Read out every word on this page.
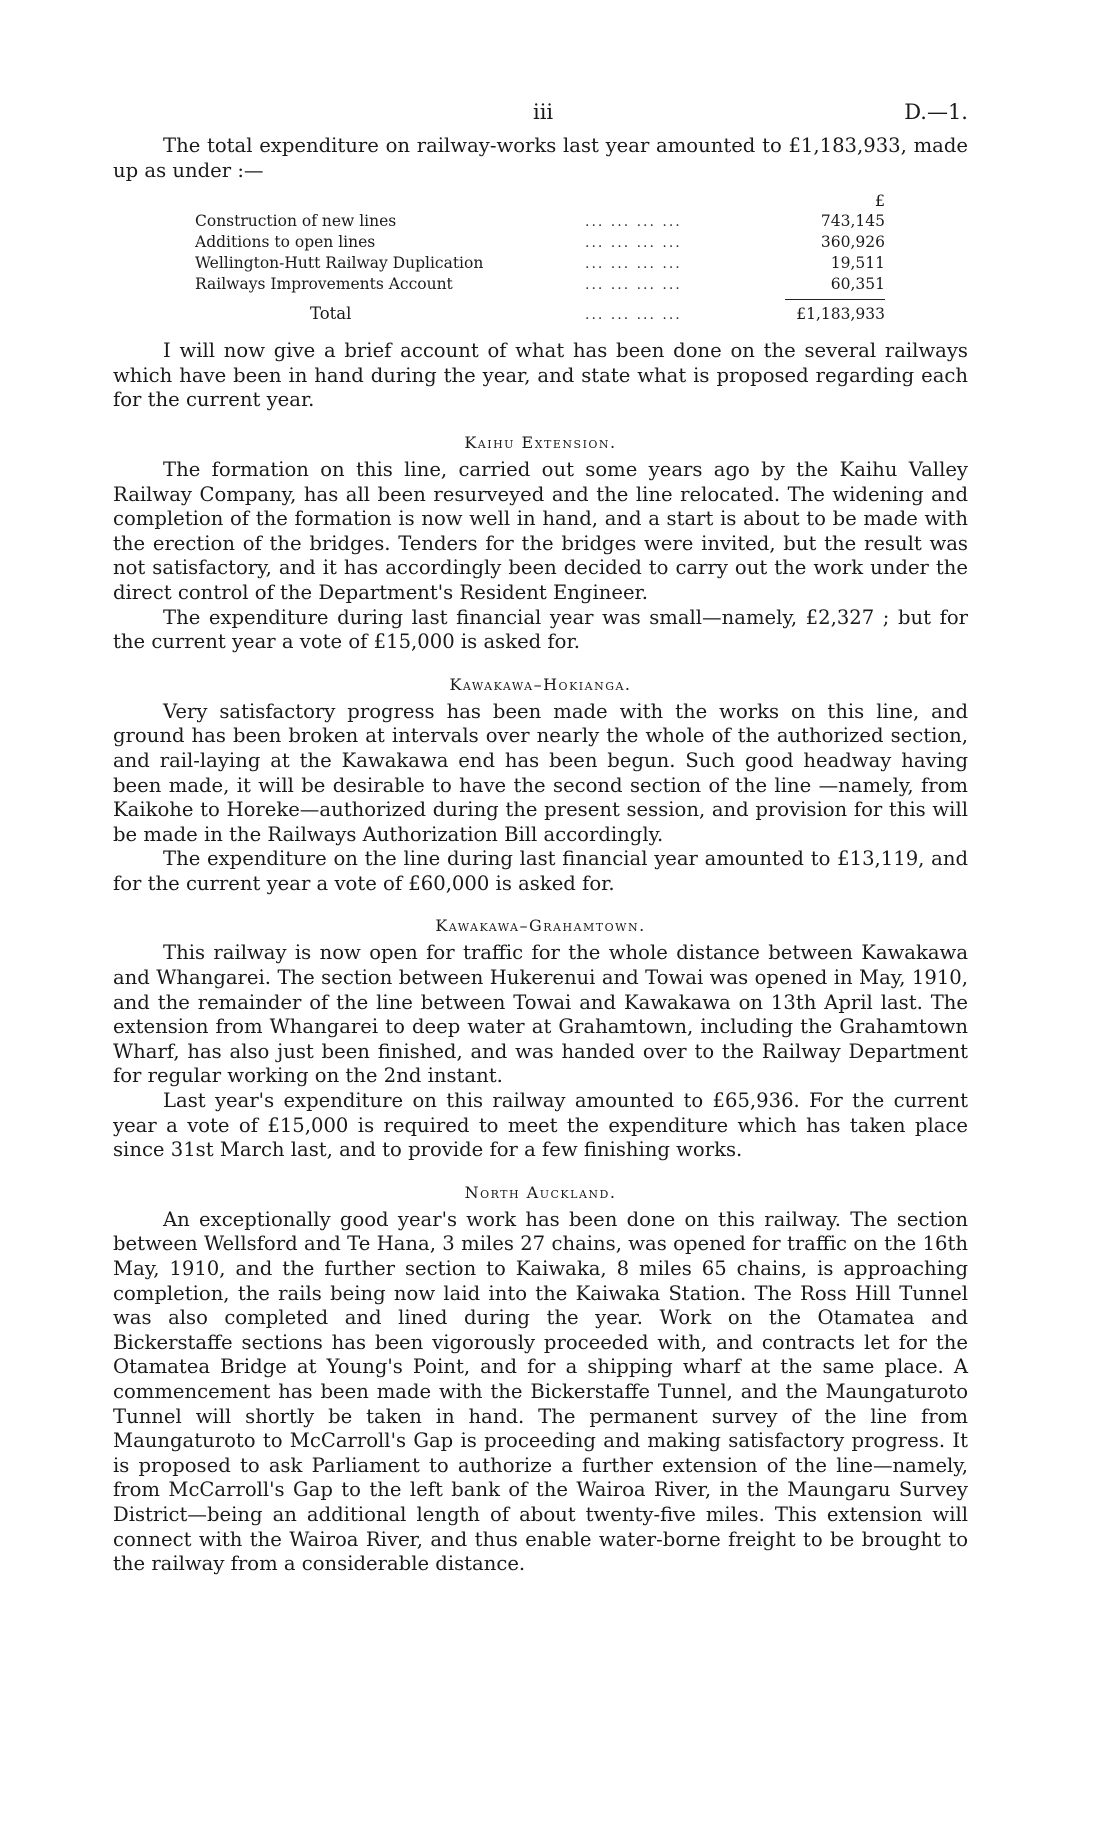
iii	D.—1.

The total expenditure on railway-works last year amounted to £1,183,933, made up as under :—

£
Construction of new lines	... ... ... ...	743,145
Additions to open lines	... ... ... ...	360,926
Wellington-Hutt Railway Duplication	... ... ... ...	19,511
Railways Improvements Account	... ... ... ...	60,351
Total	... ... ... ...	£1,183,933

I will now give a brief account of what has been done on the several railways which have been in hand during the year, and state what is proposed regarding each for the current year.

Kaihu Extension.

The formation on this line, carried out some years ago by the Kaihu Valley Railway Company, has all been resurveyed and the line relocated. The widening and completion of the formation is now well in hand, and a start is about to be made with the erection of the bridges. Tenders for the bridges were invited, but the result was not satisfactory, and it has accordingly been decided to carry out the work under the direct control of the Department's Resident Engineer.

The expenditure during last financial year was small—namely, £2,327 ; but for the current year a vote of £15,000 is asked for.

Kawakawa–Hokianga.

Very satisfactory progress has been made with the works on this line, and ground has been broken at intervals over nearly the whole of the authorized section, and rail-laying at the Kawakawa end has been begun. Such good headway having been made, it will be desirable to have the second section of the line —namely, from Kaikohe to Horeke—authorized during the present session, and provision for this will be made in the Railways Authorization Bill accordingly.

The expenditure on the line during last financial year amounted to £13,119, and for the current year a vote of £60,000 is asked for.

Kawakawa–Grahamtown.

This railway is now open for traffic for the whole distance between Kawakawa and Whangarei. The section between Hukerenui and Towai was opened in May, 1910, and the remainder of the line between Towai and Kawakawa on 13th April last. The extension from Whangarei to deep water at Grahamtown, including the Grahamtown Wharf, has also just been finished, and was handed over to the Railway Department for regular working on the 2nd instant.

Last year's expenditure on this railway amounted to £65,936. For the current year a vote of £15,000 is required to meet the expenditure which has taken place since 31st March last, and to provide for a few finishing works.

North Auckland.

An exceptionally good year's work has been done on this railway. The section between Wellsford and Te Hana, 3 miles 27 chains, was opened for traffic on the 16th May, 1910, and the further section to Kaiwaka, 8 miles 65 chains, is approaching completion, the rails being now laid into the Kaiwaka Station. The Ross Hill Tunnel was also completed and lined during the year. Work on the Otamatea and Bickerstaffe sections has been vigorously proceeded with, and contracts let for the Otamatea Bridge at Young's Point, and for a shipping wharf at the same place. A commencement has been made with the Bickerstaffe Tunnel, and the Maungaturoto Tunnel will shortly be taken in hand. The permanent survey of the line from Maungaturoto to McCarroll's Gap is proceeding and making satisfactory progress. It is proposed to ask Parliament to authorize a further extension of the line—namely, from McCarroll's Gap to the left bank of the Wairoa River, in the Maungaru Survey District—being an additional length of about twenty-five miles. This extension will connect with the Wairoa River, and thus enable water-borne freight to be brought to the railway from a considerable distance.
